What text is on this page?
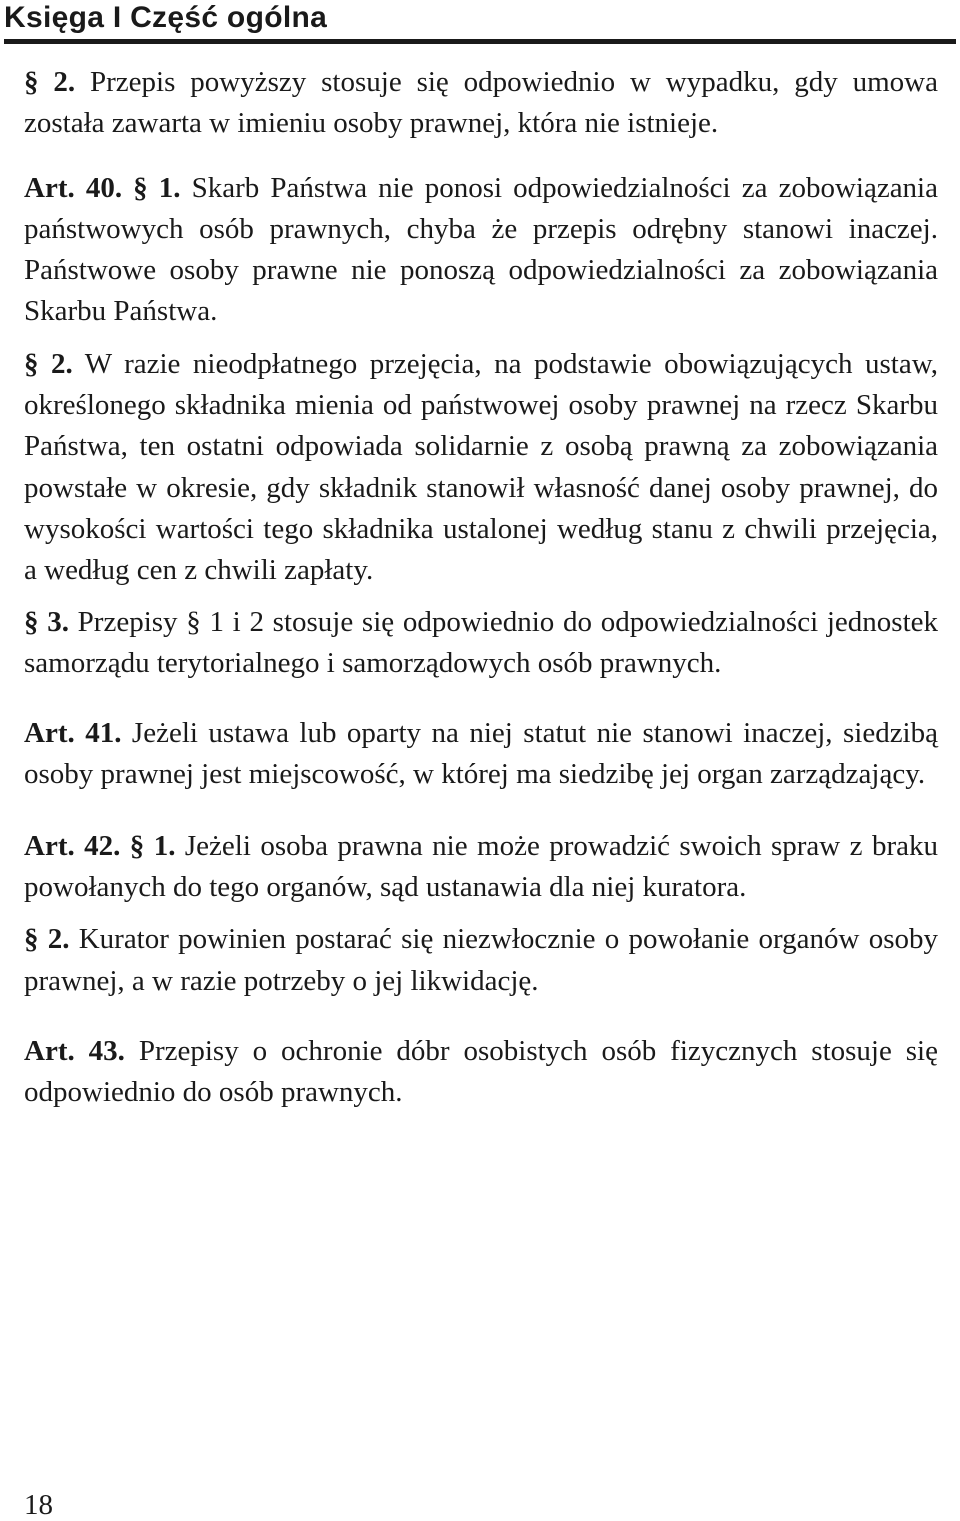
Księga I Część ogólna

§ 2. Przepis powyższy stosuje się odpowiednio w wypadku, gdy umowa została zawarta w imieniu osoby prawnej, która nie istnieje.

Art. 40. § 1. Skarb Państwa nie ponosi odpowiedzialności za zobowiązania państwowych osób prawnych, chyba że przepis odrębny stanowi inaczej. Państwowe osoby prawne nie ponoszą odpowiedzialności za zobowiązania Skarbu Państwa.

§ 2. W razie nieodpłatnego przejęcia, na podstawie obowiązujących ustaw, określonego składnika mienia od państwowej osoby prawnej na rzecz Skarbu Państwa, ten ostatni odpowiada solidarnie z osobą prawną za zobowiązania powstałe w okresie, gdy składnik stanowił własność danej osoby prawnej, do wysokości wartości tego składnika ustalonej według stanu z chwili przejęcia, a według cen z chwili zapłaty.

§ 3. Przepisy § 1 i 2 stosuje się odpowiednio do odpowiedzialności jednostek samorządu terytorialnego i samorządowych osób prawnych.

Art. 41. Jeżeli ustawa lub oparty na niej statut nie stanowi inaczej, siedzibą osoby prawnej jest miejscowość, w której ma siedzibę jej organ zarządzający.

Art. 42. § 1. Jeżeli osoba prawna nie może prowadzić swoich spraw z braku powołanych do tego organów, sąd ustanawia dla niej kuratora.

§ 2. Kurator powinien postarać się niezwłocznie o powołanie organów osoby prawnej, a w razie potrzeby o jej likwidację.

Art. 43. Przepisy o ochronie dóbr osobistych osób fizycznych stosuje się odpowiednio do osób prawnych.

18
